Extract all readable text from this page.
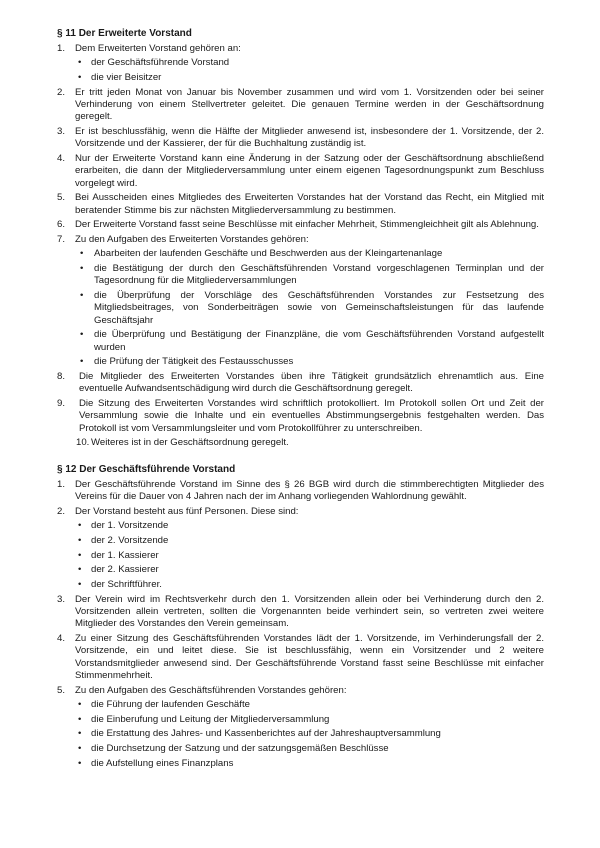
§ 11 Der Erweiterte Vorstand
1. Dem Erweiterten Vorstand gehören an:
• der Geschäftsführende Vorstand
• die vier Beisitzer
2. Er tritt jeden Monat von Januar bis November zusammen und wird vom 1. Vorsitzenden oder bei seiner Verhinderung von einem Stellvertreter geleitet. Die genauen Termine werden in der Geschäftsordnung geregelt.
3. Er ist beschlussfähig, wenn die Hälfte der Mitglieder anwesend ist, insbesondere der 1. Vorsitzende, der 2. Vorsitzende und der Kassierer, der für die Buchhaltung zuständig ist.
4. Nur der Erweiterte Vorstand kann eine Änderung in der Satzung oder der Geschäftsordnung abschließend erarbeiten, die dann der Mitgliederversammlung unter einem eigenen Tagesordnungspunkt zum Beschluss vorgelegt wird.
5. Bei Ausscheiden eines Mitgliedes des Erweiterten Vorstandes hat der Vorstand das Recht, ein Mitglied mit beratender Stimme bis zur nächsten Mitgliederversammlung zu bestimmen.
6. Der Erweiterte Vorstand fasst seine Beschlüsse mit einfacher Mehrheit, Stimmengleichheit gilt als Ablehnung.
7. Zu den Aufgaben des Erweiterten Vorstandes gehören:
• Abarbeiten der laufenden Geschäfte und Beschwerden aus der Kleingartenanlage
• die Bestätigung der durch den Geschäftsführenden Vorstand vorgeschlagenen Terminplan und der Tagesordnung für die Mitgliederversammlungen
• die Überprüfung der Vorschläge des Geschäftsführenden Vorstandes zur Festsetzung des Mitgliedsbeitrages, von Sonderbeiträgen sowie von Gemeinschaftsleistungen für das laufende Geschäftsjahr
• die Überprüfung und Bestätigung der Finanzpläne, die vom Geschäftsführenden Vorstand aufgestellt wurden
• die Prüfung der Tätigkeit des Festausschusses
8. Die Mitglieder des Erweiterten Vorstandes üben ihre Tätigkeit grundsätzlich ehrenamtlich aus. Eine eventuelle Aufwandsentschädigung wird durch die Geschäftsordnung geregelt.
9. Die Sitzung des Erweiterten Vorstandes wird schriftlich protokolliert. Im Protokoll sollen Ort und Zeit der Versammlung sowie die Inhalte und ein eventuelles Abstimmungsergebnis festgehalten werden. Das Protokoll ist vom Versammlungsleiter und vom Protokollführer zu unterschreiben.
10. Weiteres ist in der Geschäftsordnung geregelt.
§ 12 Der Geschäftsführende Vorstand
1. Der Geschäftsführende Vorstand im Sinne des § 26 BGB wird durch die stimmberechtigten Mitglieder des Vereins für die Dauer von 4 Jahren nach der im Anhang vorliegenden Wahlordnung gewählt.
2. Der Vorstand besteht aus fünf Personen. Diese sind:
• der 1. Vorsitzende
• der 2. Vorsitzende
• der 1. Kassierer
• der 2. Kassierer
• der Schriftführer.
3. Der Verein wird im Rechtsverkehr durch den 1. Vorsitzenden allein oder bei Verhinderung durch den 2. Vorsitzenden allein vertreten, sollten die Vorgenannten beide verhindert sein, so vertreten zwei weitere Mitglieder des Vorstandes den Verein gemeinsam.
4. Zu einer Sitzung des Geschäftsführenden Vorstandes lädt der 1. Vorsitzende, im Verhinderungsfall der 2. Vorsitzende, ein und leitet diese. Sie ist beschlussfähig, wenn ein Vorsitzender und 2 weitere Vorstandsmitglieder anwesend sind. Der Geschäftsführende Vorstand fasst seine Beschlüsse mit einfacher Stimmenmehrheit.
5. Zu den Aufgaben des Geschäftsführenden Vorstandes gehören:
• die Führung der laufenden Geschäfte
• die Einberufung und Leitung der Mitgliederversammlung
• die Erstattung des Jahres- und Kassenberichtes auf der Jahreshauptversammlung
• die Durchsetzung der Satzung und der satzungsgemäßen Beschlüsse
• die Aufstellung eines Finanzplans
